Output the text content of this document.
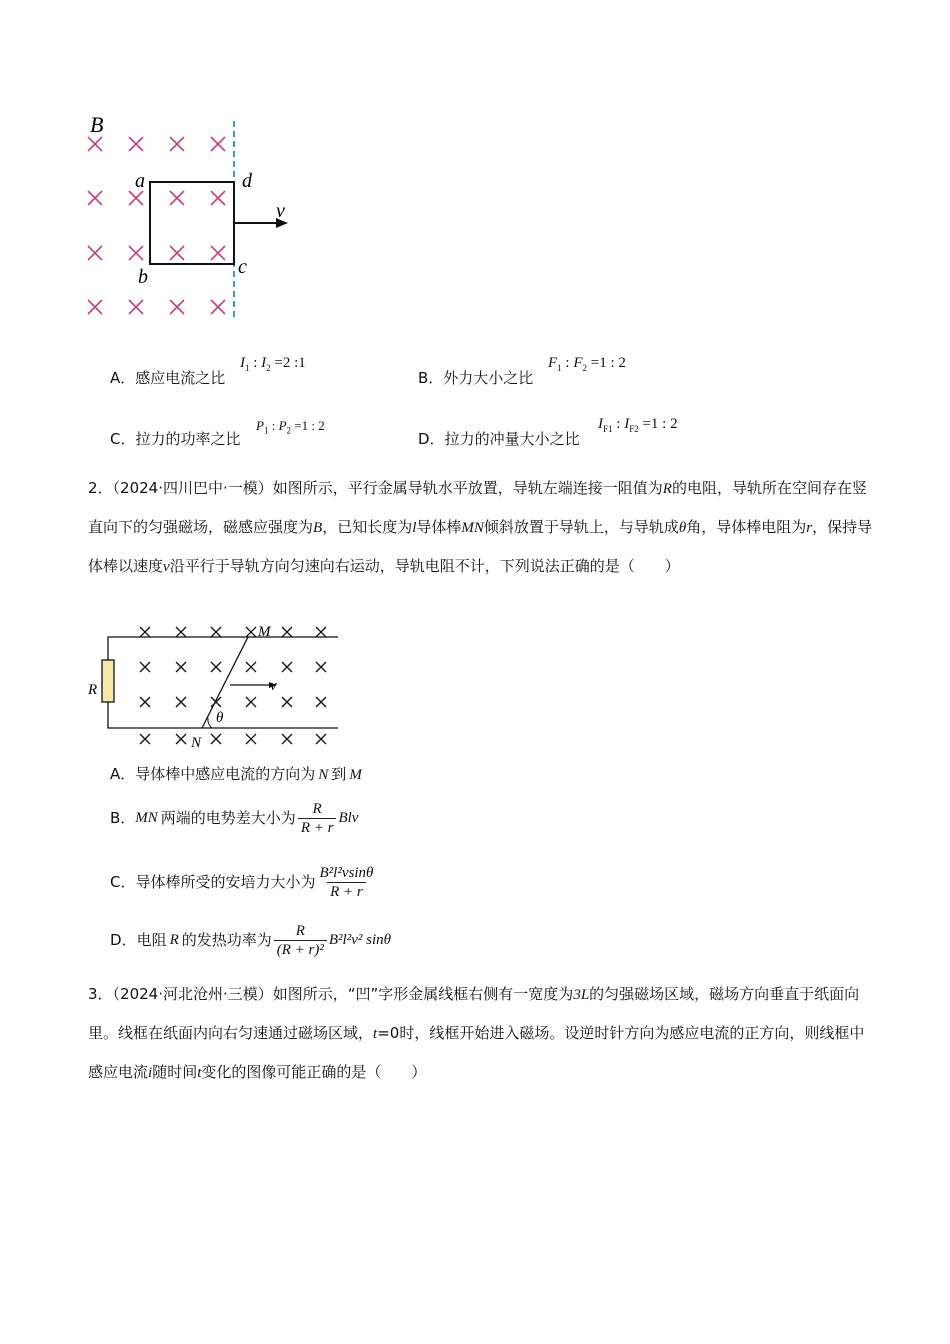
B
a
b	c
d
v
A．感应电流之比
$I_1$ : $I_2 =2$ :1
B．外力大小之比
$F_1$ : $F_2 =1$ : 2
C．拉力的功率之比
$P_1$ : $P_2 =1$ : 2
D．拉力的冲量大小之比
$I_{F1}$ : $I_{F2} =1$ : 2
2．（2024·四川巴中·一模）如图所示，平行金属导轨水平放置，导轨左端连接一阻值为R的电阻，导轨所在空间存在竖直向下的匀强磁场，磁感应强度为B，已知长度为l导体棒MN倾斜放置于导轨上，与导轨成θ角，导体棒电阻为r，保持导体棒以速度v沿平行于导轨方向匀速向右运动，导轨电阻不计，下列说法正确的是（　　）
R
M
N
v
θ
A．导体棒中感应电流的方向为 N 到 M
B． MN 两端的电势差大小为 $\frac{R}{R + r}$ Blv
C． 导体棒所受的安培力大小为 $\frac{\text{B²l²vsinθ}}{R + r}$
D． 电阻 R 的发热功率为 $\frac{R}{\text{(R + r)²}} B^2l^2v^2$ sinθ
3．（2024·河北沧州·三模）如图所示，“凹”字形金属线框右侧有一宽度为3L的匀强磁场区域，磁场方向垂直于纸面向里。线框在纸面内向右匀速通过磁场区域，t=0时，线框开始进入磁场。设逆时针方向为感应电流的正方向，则线框中感应电流i随时间t变化的图像可能正确的是（　　）
